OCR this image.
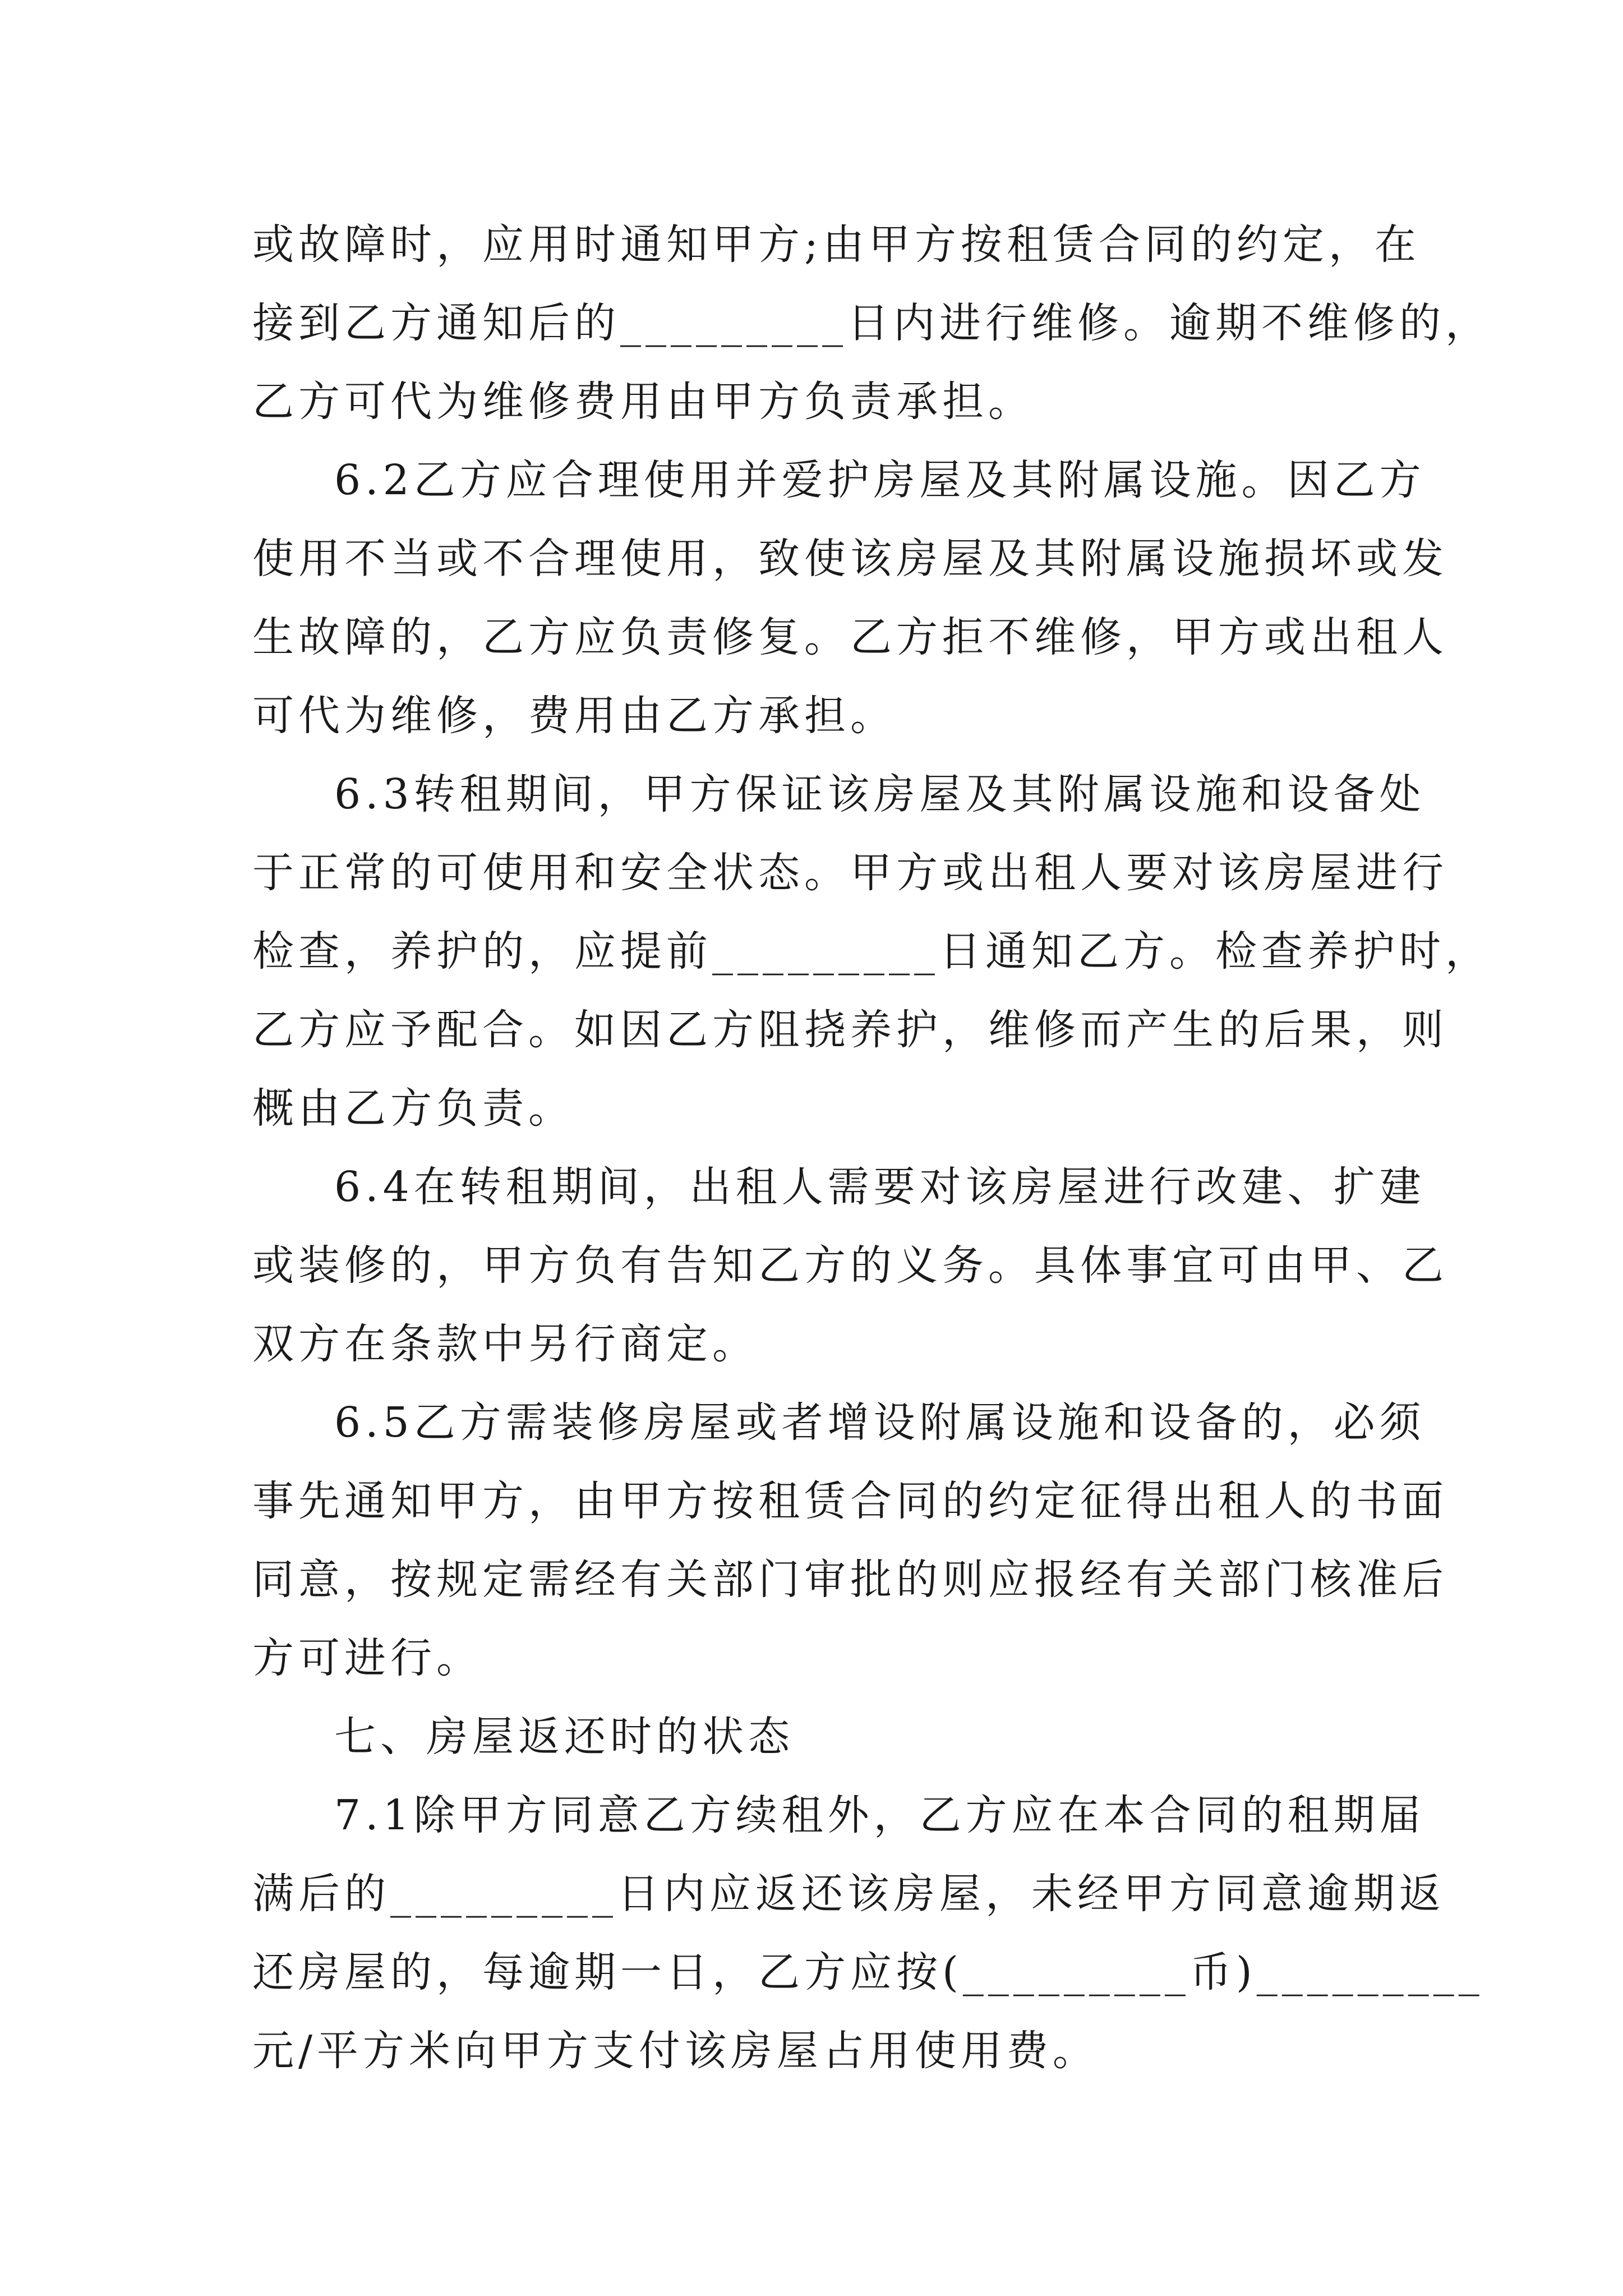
或故障时，应用时通知甲方;由甲方按租赁合同的约定，在

接到乙方通知后的_________日内进行维修。逾期不维修的，

乙方可代为维修费用由甲方负责承担。

6.2乙方应合理使用并爱护房屋及其附属设施。因乙方

使用不当或不合理使用，致使该房屋及其附属设施损坏或发

生故障的，乙方应负责修复。乙方拒不维修，甲方或出租人

可代为维修，费用由乙方承担。

6.3转租期间，甲方保证该房屋及其附属设施和设备处

于正常的可使用和安全状态。甲方或出租人要对该房屋进行

检查，养护的，应提前_________日通知乙方。检查养护时，

乙方应予配合。如因乙方阻挠养护，维修而产生的后果，则

概由乙方负责。

6.4在转租期间，出租人需要对该房屋进行改建、扩建

或装修的，甲方负有告知乙方的义务。具体事宜可由甲、乙

双方在条款中另行商定。

6.5乙方需装修房屋或者增设附属设施和设备的，必须

事先通知甲方，由甲方按租赁合同的约定征得出租人的书面

同意，按规定需经有关部门审批的则应报经有关部门核准后

方可进行。

七、房屋返还时的状态

7.1除甲方同意乙方续租外，乙方应在本合同的租期届

满后的_________日内应返还该房屋，未经甲方同意逾期返

还房屋的，每逾期一日，乙方应按(_________币)_________

元/平方米向甲方支付该房屋占用使用费。
